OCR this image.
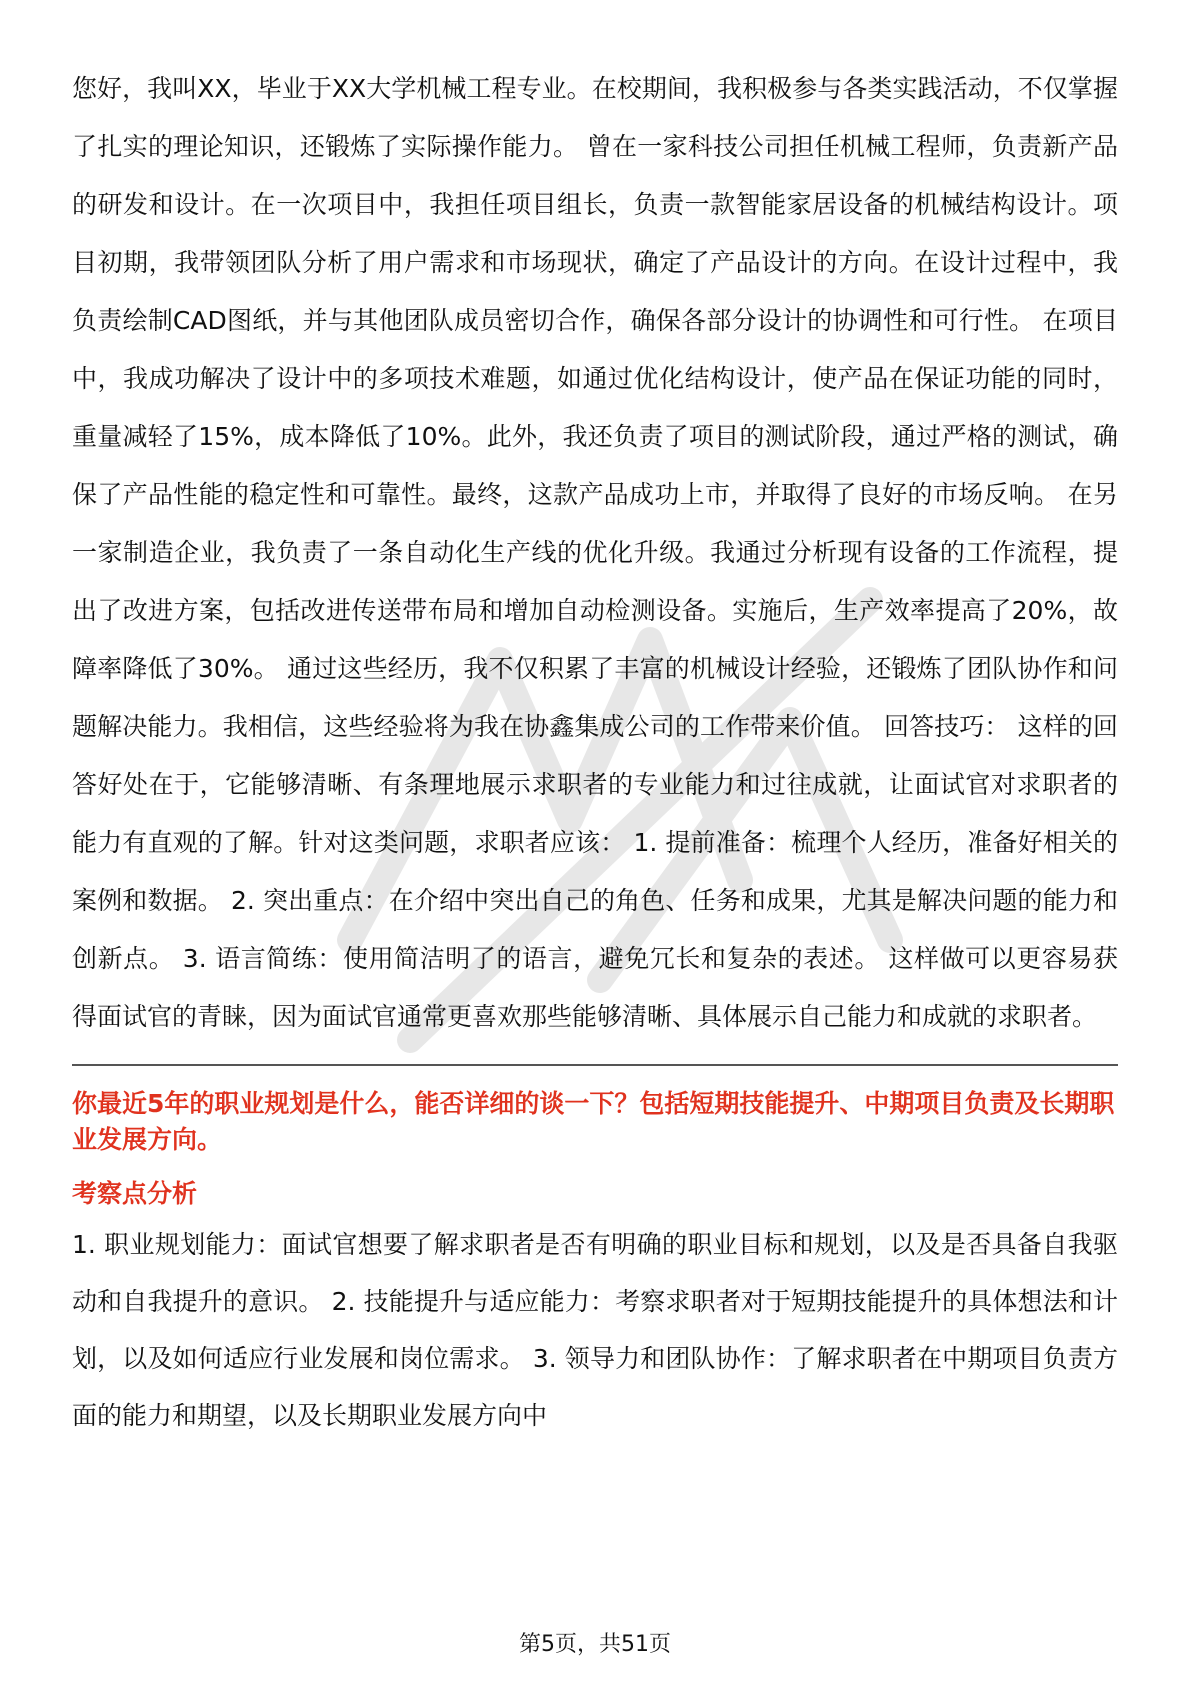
您好，我叫XX，毕业于XX大学机械工程专业。在校期间，我积极参与各类实践活动，不仅掌握了扎实的理论知识，还锻炼了实际操作能力。 曾在一家科技公司担任机械工程师，负责新产品的研发和设计。在一次项目中，我担任项目组长，负责一款智能家居设备的机械结构设计。项目初期，我带领团队分析了用户需求和市场现状，确定了产品设计的方向。在设计过程中，我负责绘制CAD图纸，并与其他团队成员密切合作，确保各部分设计的协调性和可行性。 在项目中，我成功解决了设计中的多项技术难题，如通过优化结构设计，使产品在保证功能的同时，重量减轻了15%，成本降低了10%。此外，我还负责了项目的测试阶段，通过严格的测试，确保了产品性能的稳定性和可靠性。最终，这款产品成功上市，并取得了良好的市场反响。 在另一家制造企业，我负责了一条自动化生产线的优化升级。我通过分析现有设备的工作流程，提出了改进方案，包括改进传送带布局和增加自动检测设备。实施后，生产效率提高了20%，故障率降低了30%。 通过这些经历，我不仅积累了丰富的机械设计经验，还锻炼了团队协作和问题解决能力。我相信，这些经验将为我在协鑫集成公司的工作带来价值。 回答技巧： 这样的回答好处在于，它能够清晰、有条理地展示求职者的专业能力和过往成就，让面试官对求职者的能力有直观的了解。针对这类问题，求职者应该： 1. 提前准备：梳理个人经历，准备好相关的案例和数据。 2. 突出重点：在介绍中突出自己的角色、任务和成果，尤其是解决问题的能力和创新点。 3. 语言简练：使用简洁明了的语言，避免冗长和复杂的表述。 这样做可以更容易获得面试官的青睐，因为面试官通常更喜欢那些能够清晰、具体展示自己能力和成就的求职者。

你最近5年的职业规划是什么，能否详细的谈一下？包括短期技能提升、中期项目负责及长期职业发展方向。

考察点分析

1. 职业规划能力：面试官想要了解求职者是否有明确的职业目标和规划，以及是否具备自我驱动和自我提升的意识。 2. 技能提升与适应能力：考察求职者对于短期技能提升的具体想法和计划，以及如何适应行业发展和岗位需求。 3. 领导力和团队协作：了解求职者在中期项目负责方面的能力和期望，以及长期职业发展方向中

第5页，共51页
